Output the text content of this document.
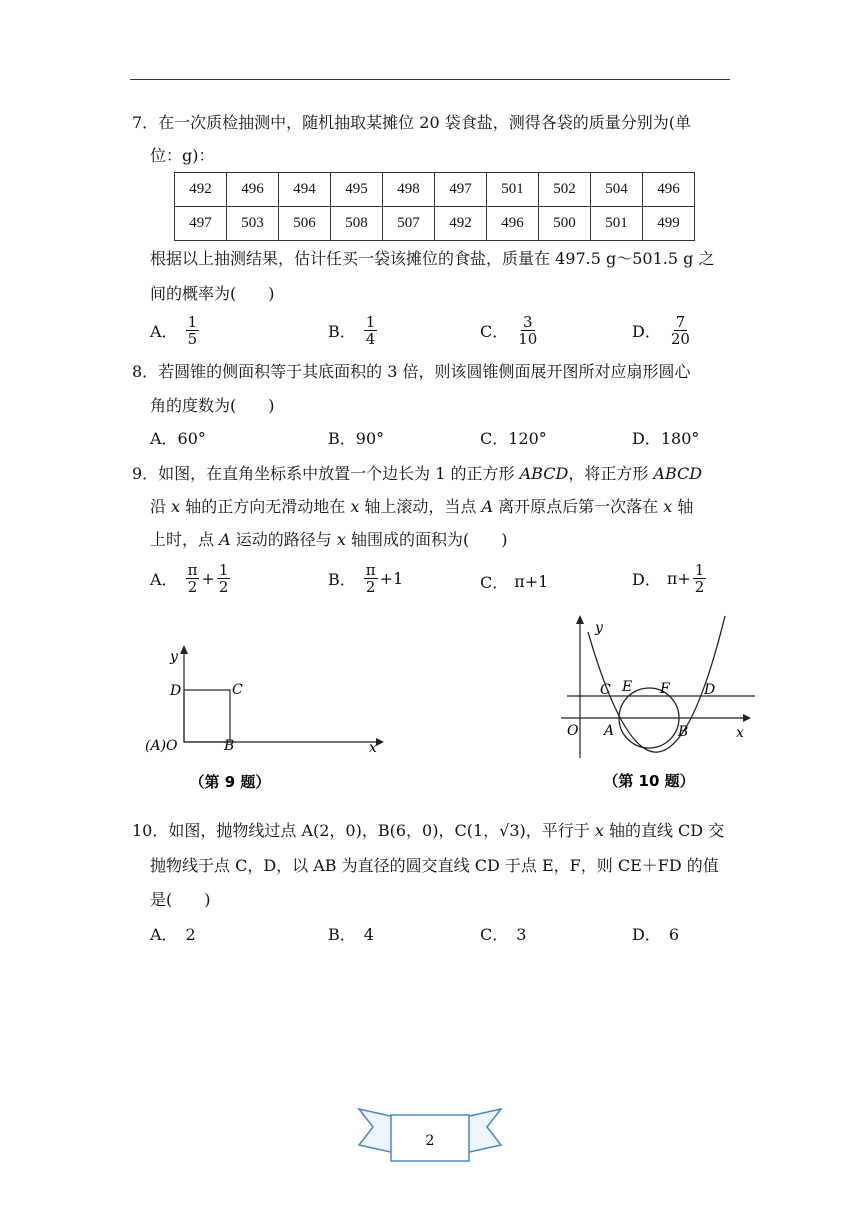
7．在一次质检抽测中，随机抽取某摊位 20 袋食盐，测得各袋的质量分别为(单
位：g)：
492	496	494	495	498	497	501	502	504	496
497	503	506	508	507	492	496	500	501	499
根据以上抽测结果，估计任买一袋该摊位的食盐，质量在 497.5 g～501.5 g 之
间的概率为(　　)
A． $\frac{1}{5}$	B． $\frac{1}{4}$	C． $\frac{3}{10}$	D． $\frac{7}{20}$
8．若圆锥的侧面积等于其底面积的 3 倍，则该圆锥侧面展开图所对应扇形圆心
角的度数为(　　)
A．60°	B．90°	C．120°	D．180°
9．如图，在直角坐标系中放置一个边长为 1 的正方形 ABCD，将正方形 ABCD
沿 x 轴的正方向无滑动地在 x 轴上滚动，当点 A 离开原点后第一次落在 x 轴
上时，点 A 运动的路径与 x 轴围成的面积为(　　)
A． $\frac{\pi}{2} + \frac{1}{2}$	B． $\frac{\pi}{2} +1$	C． π+1	D． $\pi+ \frac{1}{2}$
y
x
(A)O	B
C
D
（第 9 题）
y
x
O A	B
C E F D
（第 10 题）
10．如图，抛物线过点 A(2，0)，B(6，0)，C(1，√3)，平行于 x 轴的直线 CD 交
抛物线于点 C，D，以 AB 为直径的圆交直线 CD 于点 E，F，则 CE＋FD 的值
是(　　)
A．　2	B．　4	C．　3	D．　6
2
